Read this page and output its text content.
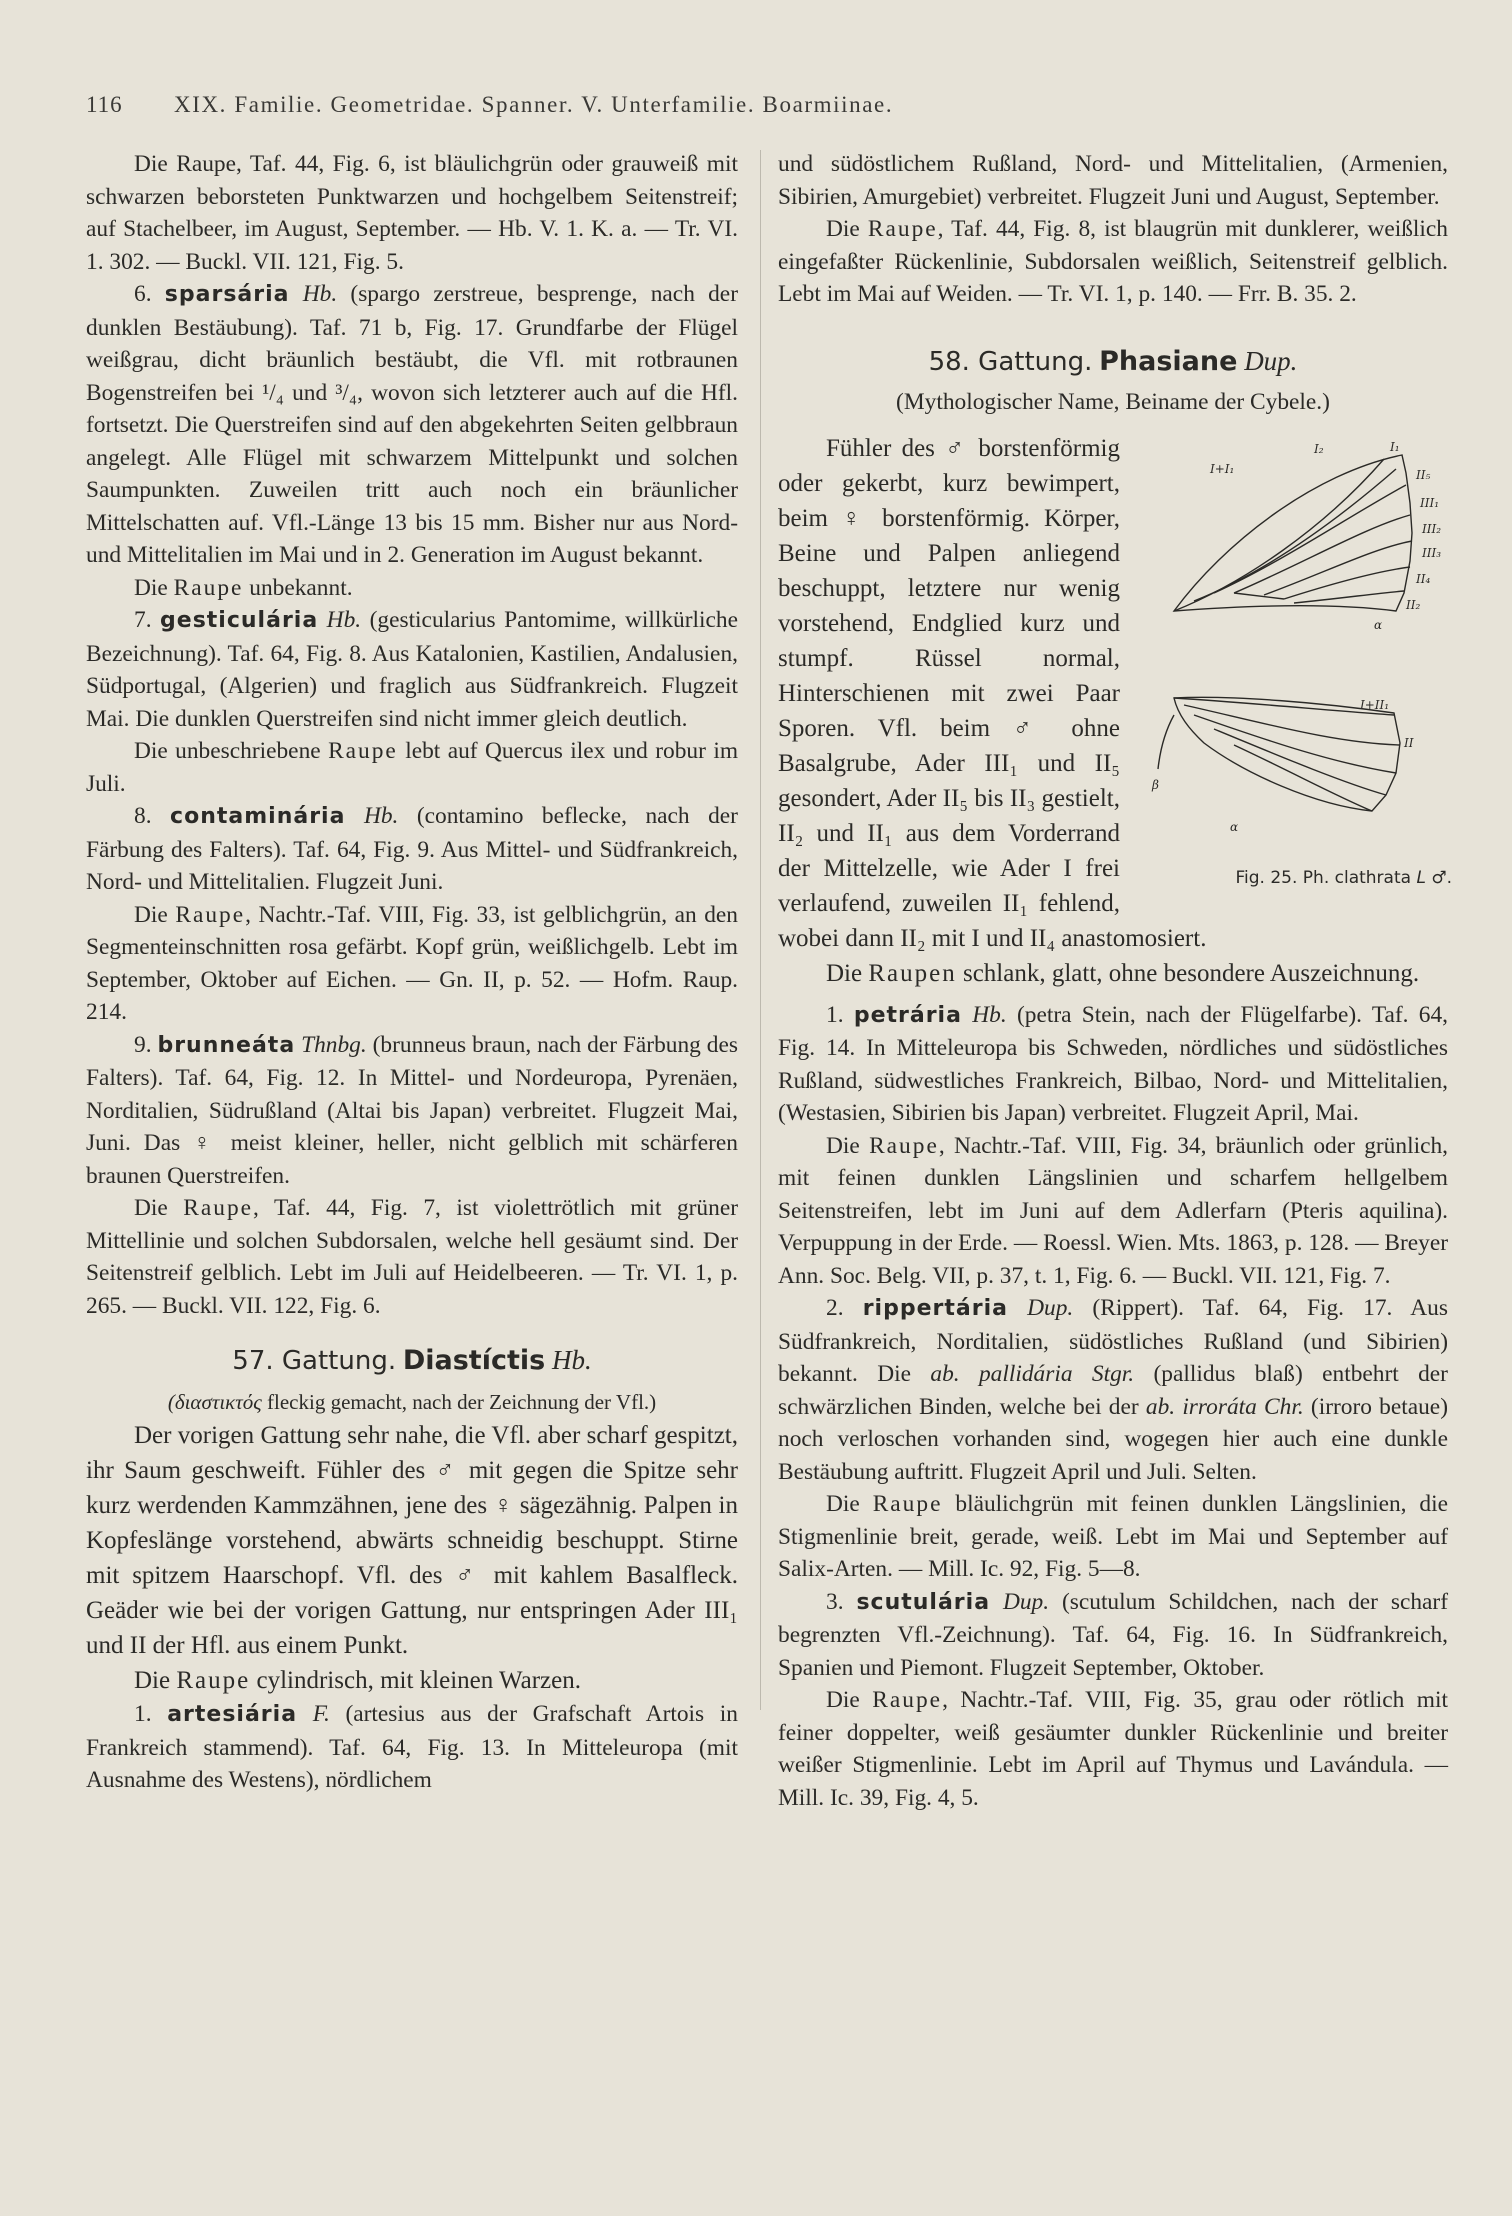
116 XIX. Familie. Geometridae. Spanner. V. Unterfamilie. Boarmiinae.

Die Raupe, Taf. 44, Fig. 6, ist bläulichgrün oder grauweiß mit schwarzen beborsteten Punktwarzen und hochgelbem Seitenstreif; auf Stachelbeer, im August, September. — Hb. V. 1. K. a. — Tr. VI. 1. 302. — Buckl. VII. 121, Fig. 5.

6. sparsária Hb. (spargo zerstreue, besprenge, nach der dunklen Bestäubung). Taf. 71 b, Fig. 17. Grundfarbe der Flügel weißgrau, dicht bräunlich bestäubt, die Vfl. mit rotbraunen Bogenstreifen bei ¹/₄ und ³/₄, wovon sich letzterer auch auf die Hfl. fortsetzt. Die Querstreifen sind auf den abgekehrten Seiten gelbbraun angelegt. Alle Flügel mit schwarzem Mittelpunkt und solchen Saumpunkten. Zuweilen tritt auch noch ein bräunlicher Mittelschatten auf. Vfl.-Länge 13 bis 15 mm. Bisher nur aus Nord- und Mittelitalien im Mai und in 2. Generation im August bekannt.

Die Raupe unbekannt.

7. gesticulária Hb. (gesticularius Pantomime, willkürliche Bezeichnung). Taf. 64, Fig. 8. Aus Katalonien, Kastilien, Andalusien, Südportugal, (Algerien) und fraglich aus Südfrankreich. Flugzeit Mai. Die dunklen Querstreifen sind nicht immer gleich deutlich.

Die unbeschriebene Raupe lebt auf Quercus ilex und robur im Juli.

8. contaminária Hb. (contamino beflecke, nach der Färbung des Falters). Taf. 64, Fig. 9. Aus Mittel- und Südfrankreich, Nord- und Mittelitalien. Flugzeit Juni.

Die Raupe, Nachtr.-Taf. VIII, Fig. 33, ist gelblichgrün, an den Segmenteinschnitten rosa gefärbt. Kopf grün, weißlichgelb. Lebt im September, Oktober auf Eichen. — Gn. II, p. 52. — Hofm. Raup. 214.

9. brunneáta Thnbg. (brunneus braun, nach der Färbung des Falters). Taf. 64, Fig. 12. In Mittel- und Nordeuropa, Pyrenäen, Norditalien, Südrußland (Altai bis Japan) verbreitet. Flugzeit Mai, Juni. Das ♀ meist kleiner, heller, nicht gelblich mit schärferen braunen Querstreifen.

Die Raupe, Taf. 44, Fig. 7, ist violettrötlich mit grüner Mittellinie und solchen Subdorsalen, welche hell gesäumt sind. Der Seitenstreif gelblich. Lebt im Juli auf Heidelbeeren. — Tr. VI. 1, p. 265. — Buckl. VII. 122, Fig. 6.

57. Gattung. Diastíctis Hb.

(διαστικτός fleckig gemacht, nach der Zeichnung der Vfl.)

Der vorigen Gattung sehr nahe, die Vfl. aber scharf gespitzt, ihr Saum geschweift. Fühler des ♂ mit gegen die Spitze sehr kurz werdenden Kammzähnen, jene des ♀ sägezähnig. Palpen in Kopfeslänge vorstehend, abwärts schneidig beschuppt. Stirne mit spitzem Haarschopf. Vfl. des ♂ mit kahlem Basalfleck. Geäder wie bei der vorigen Gattung, nur entspringen Ader III₁ und II der Hfl. aus einem Punkt.

Die Raupe cylindrisch, mit kleinen Warzen.

1. artesiária F. (artesius aus der Grafschaft Artois in Frankreich stammend). Taf. 64, Fig. 13. In Mitteleuropa (mit Ausnahme des Westens), nördlichem

und südöstlichem Rußland, Nord- und Mittelitalien, (Armenien, Sibirien, Amurgebiet) verbreitet. Flugzeit Juni und August, September.

Die Raupe, Taf. 44, Fig. 8, ist blaugrün mit dunklerer, weißlich eingefaßter Rückenlinie, Subdorsalen weißlich, Seitenstreif gelblich. Lebt im Mai auf Weiden. — Tr. VI. 1, p. 140. — Frr. B. 35. 2.

58. Gattung. Phasiane Dup.

(Mythologischer Name, Beiname der Cybele.)

I₂	I₁
II₅
III₁
III₂
III₃
II₄
II₂
I+I₁
I+II₁
II
α
β
α
Fig. 25. Ph. clathrata L ♂.

Fühler des ♂ borstenförmig oder gekerbt, kurz bewimpert, beim ♀ borstenförmig. Körper, Beine und Palpen anliegend beschuppt, letztere nur wenig vorstehend, Endglied kurz und stumpf. Rüssel normal, Hinterschienen mit zwei Paar Sporen. Vfl. beim ♂ ohne Basalgrube, Ader III₁ und II₅ gesondert, Ader II₅ bis II₃ gestielt, II₂ und II₁ aus dem Vorderrand der Mittelzelle, wie Ader I frei verlaufend, zuweilen II₁ fehlend, wobei dann II₂ mit I und II₄ anastomosiert.

Die Raupen schlank, glatt, ohne besondere Auszeichnung.

1. petrária Hb. (petra Stein, nach der Flügelfarbe). Taf. 64, Fig. 14. In Mitteleuropa bis Schweden, nördliches und südöstliches Rußland, südwestliches Frankreich, Bilbao, Nord- und Mittelitalien, (Westasien, Sibirien bis Japan) verbreitet. Flugzeit April, Mai.

Die Raupe, Nachtr.-Taf. VIII, Fig. 34, bräunlich oder grünlich, mit feinen dunklen Längslinien und scharfem hellgelbem Seitenstreifen, lebt im Juni auf dem Adlerfarn (Pteris aquilina). Verpuppung in der Erde. — Roessl. Wien. Mts. 1863, p. 128. — Breyer Ann. Soc. Belg. VII, p. 37, t. 1, Fig. 6. — Buckl. VII. 121, Fig. 7.

2. rippertária Dup. (Rippert). Taf. 64, Fig. 17. Aus Südfrankreich, Norditalien, südöstliches Rußland (und Sibirien) bekannt. Die ab. pallidária Stgr. (pallidus blaß) entbehrt der schwärzlichen Binden, welche bei der ab. irroráta Chr. (irroro betaue) noch verloschen vorhanden sind, wogegen hier auch eine dunkle Bestäubung auftritt. Flugzeit April und Juli. Selten.

Die Raupe bläulichgrün mit feinen dunklen Längslinien, die Stigmenlinie breit, gerade, weiß. Lebt im Mai und September auf Salix-Arten. — Mill. Ic. 92, Fig. 5—8.

3. scutulária Dup. (scutulum Schildchen, nach der scharf begrenzten Vfl.-Zeichnung). Taf. 64, Fig. 16. In Südfrankreich, Spanien und Piemont. Flugzeit September, Oktober.

Die Raupe, Nachtr.-Taf. VIII, Fig. 35, grau oder rötlich mit feiner doppelter, weiß gesäumter dunkler Rückenlinie und breiter weißer Stigmenlinie. Lebt im April auf Thymus und Lavándula. — Mill. Ic. 39, Fig. 4, 5.
